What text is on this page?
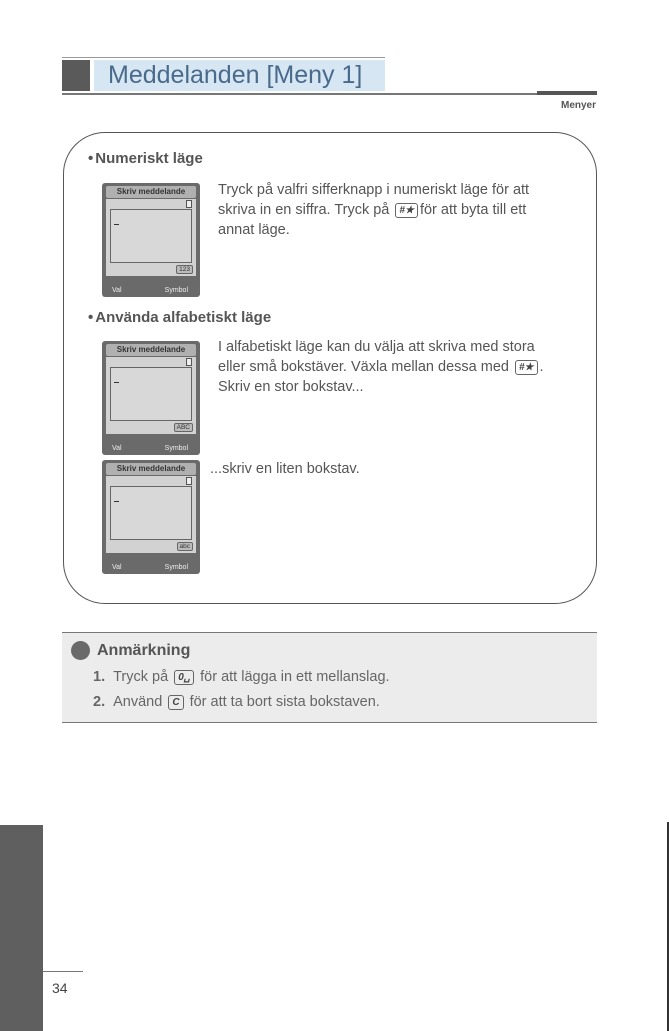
Meddelanden [Meny 1]
Menyer
• Numeriskt läge
Skriv meddelande
123
Val	Symbol
Tryck på valfri sifferknapp i numeriskt läge för att skriva in en siffra. Tryck på #★ för att byta till ett annat läge.
• Använda alfabetiskt läge
Skriv meddelande
ABC
Val	Symbol
I alfabetiskt läge kan du välja att skriva med stora eller små bokstäver. Växla mellan dessa med #★ . Skriv en stor bokstav...
Skriv meddelande
abc
Val	Symbol
...skriv en liten bokstav.
Anmärkning
1. Tryck på 0␣ för att lägga in ett mellanslag.
2. Använd C för att ta bort sista bokstaven.
34
